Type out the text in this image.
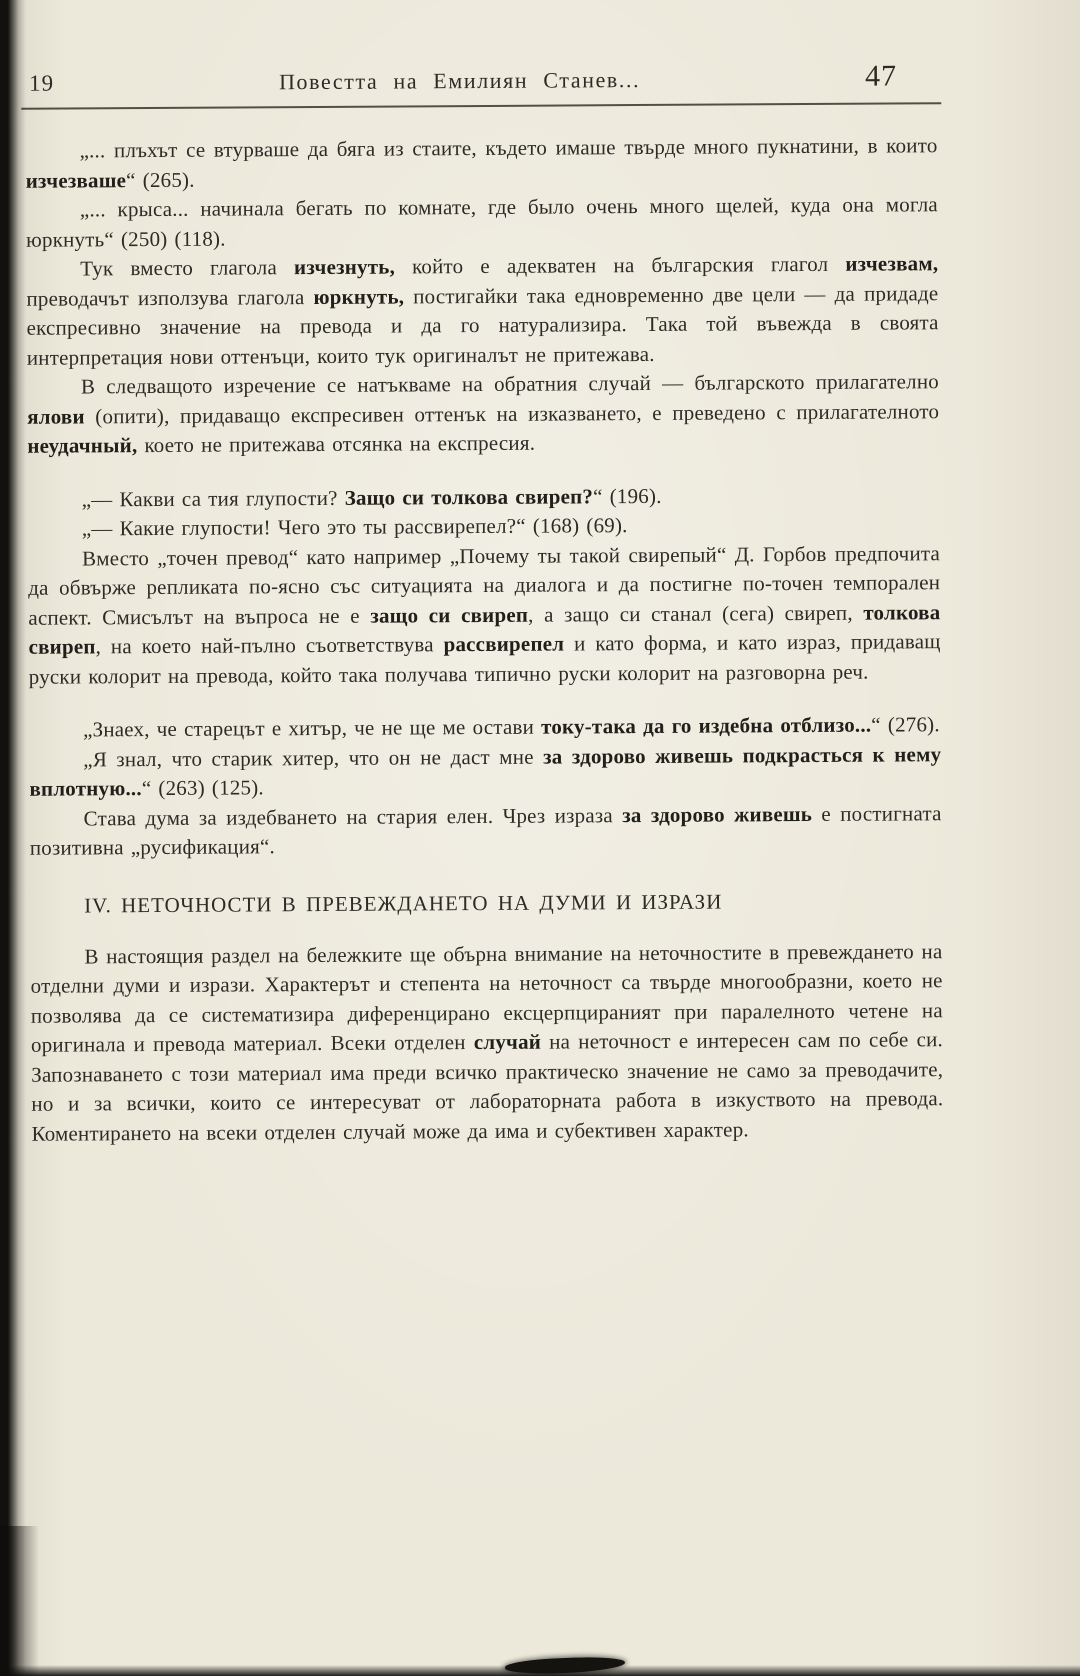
19	Повестта на Емилиян Станев...	47

„... плъхът се втурваше да бяга из стаите, където имаше твърде много пукнатини, в които изчезваше“ (265).

„... крыса... начинала бегать по комнате, где было очень много щелей, куда она могла юркнуть“ (250) (118).

Тук вместо глагола изчезнуть, който е адекватен на българския глагол изчезвам, преводачът използува глагола юркнуть, постигайки така едновременно две цели — да придаде експресивно значение на превода и да го натурализира. Така той въвежда в своята интерпретация нови оттенъци, които тук оригиналът не притежава.

В следващото изречение се натъкваме на обратния случай — българското прилагателно ялови (опити), придаващо експресивен оттенък на изказването, е преведено с прилагателното неудачный, което не притежава отсянка на експресия.

„— Какви са тия глупости? Защо си толкова свиреп?“ (196).

„— Какие глупости! Чего это ты рассвирепел?“ (168) (69).

Вместо „точен превод“ като например „Почему ты такой свирепый“ Д. Горбов предпочита да обвърже репликата по-ясно със ситуацията на диалога и да постигне по-точен темпорален аспект. Смисълът на въпроса не е защо си свиреп, а защо си станал (сега) свиреп, толкова свиреп, на което най-пълно съответствува рассвирепел и като форма, и като израз, придаващ руски колорит на превода, който така получава типично руски колорит на разговорна реч.

„Знаех, че старецът е хитър, че не ще ме остави току-така да го издебна отблизо...“ (276).

„Я знал, что старик хитер, что он не даст мне за здорово живешь подкрасться к нему вплотную...“ (263) (125).

Става дума за издебването на стария елен. Чрез израза за здорово живешь е постигната позитивна „русификация“.

IV. НЕТОЧНОСТИ В ПРЕВЕЖДАНЕТО НА ДУМИ И ИЗРАЗИ

В настоящия раздел на бележките ще обърна внимание на неточностите в превеждането на отделни думи и изрази. Характерът и степента на неточност са твърде многообразни, което не позволява да се систематизира диференцирано ексцерпцираният при паралелното четене на оригинала и превода материал. Всеки отделен случай на неточност е интересен сам по себе си. Запознаването с този материал има преди всичко практическо значение не само за преводачите, но и за всички, които се интересуват от лабораторната работа в изкуството на превода. Коментирането на всеки отделен случай може да има и субективен характер.
